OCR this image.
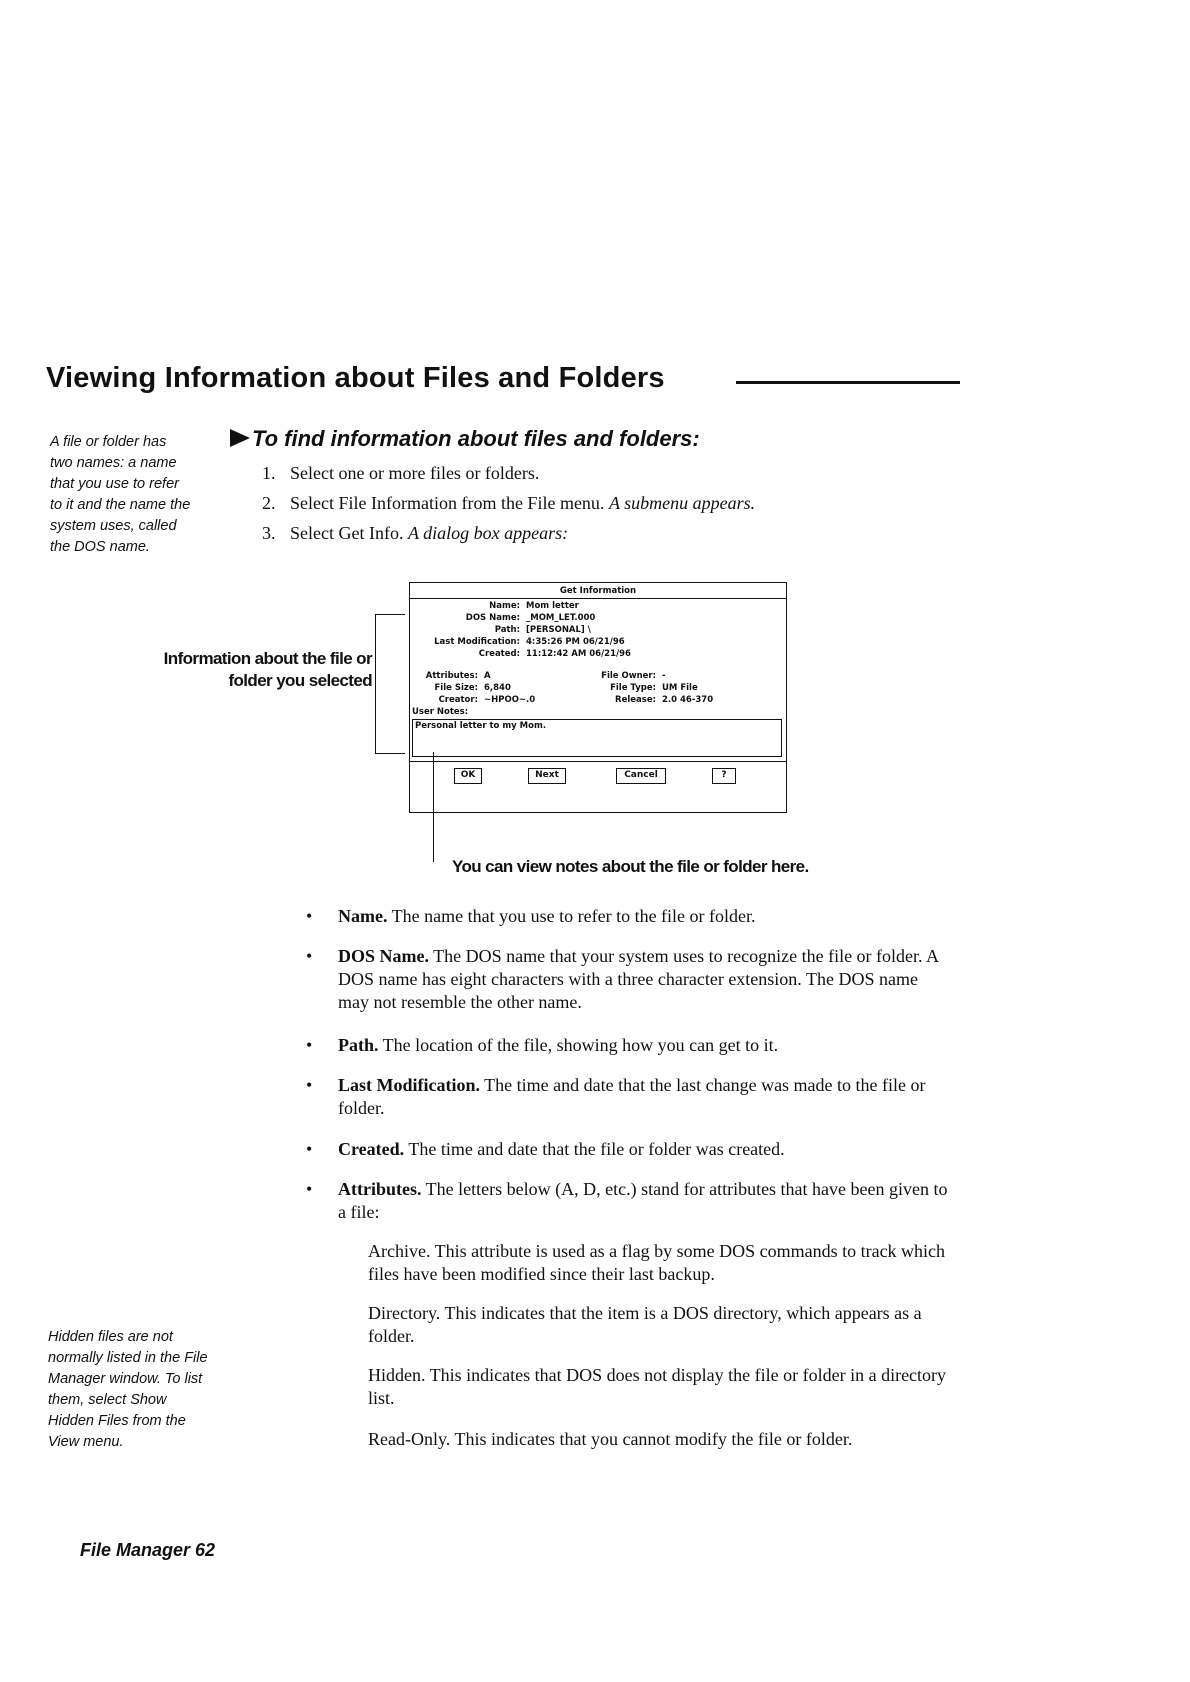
Viewing Information about Files and Folders
A file or folder has
two names: a name
that you use to refer
to it and the name the
system uses, called
the DOS name.
To find information about files and folders:
1. Select one or more files or folders.
2. Select File Information from the File menu. A submenu appears.
3. Select Get Info. A dialog box appears:
Information about the file or
folder you selected
Get Information
Name: Mom letter
DOS Name: _MOM_LET.000
Path: [PERSONAL] \
Last Modification: 4:35:26 PM 06/21/96
Created: 11:12:42 AM 06/21/96
Attributes: A
File Size: 6,840
Creator: ~HPOO~.0
File Owner: -
File Type: UM File
Release: 2.0 46-370
User Notes:
Personal letter to my Mom.
OK	Next	Cancel	?
You can view notes about the file or folder here.
• Name. The name that you use to refer to the file or folder.
• DOS Name. The DOS name that your system uses to recognize the file or folder. A DOS name has eight characters with a three character extension. The DOS name may not resemble the other name.
• Path. The location of the file, showing how you can get to it.
• Last Modification. The time and date that the last change was made to the file or folder.
• Created. The time and date that the file or folder was created.
• Attributes. The letters below (A, D, etc.) stand for attributes that have been given to a file:
Archive. This attribute is used as a flag by some DOS commands to track which files have been modified since their last backup.
Directory. This indicates that the item is a DOS directory, which appears as a folder.
Hidden. This indicates that DOS does not display the file or folder in a directory list.
Read-Only. This indicates that you cannot modify the file or folder.
Hidden files are not
normally listed in the File
Manager window. To list
them, select Show
Hidden Files from the
View menu.
File Manager 62
